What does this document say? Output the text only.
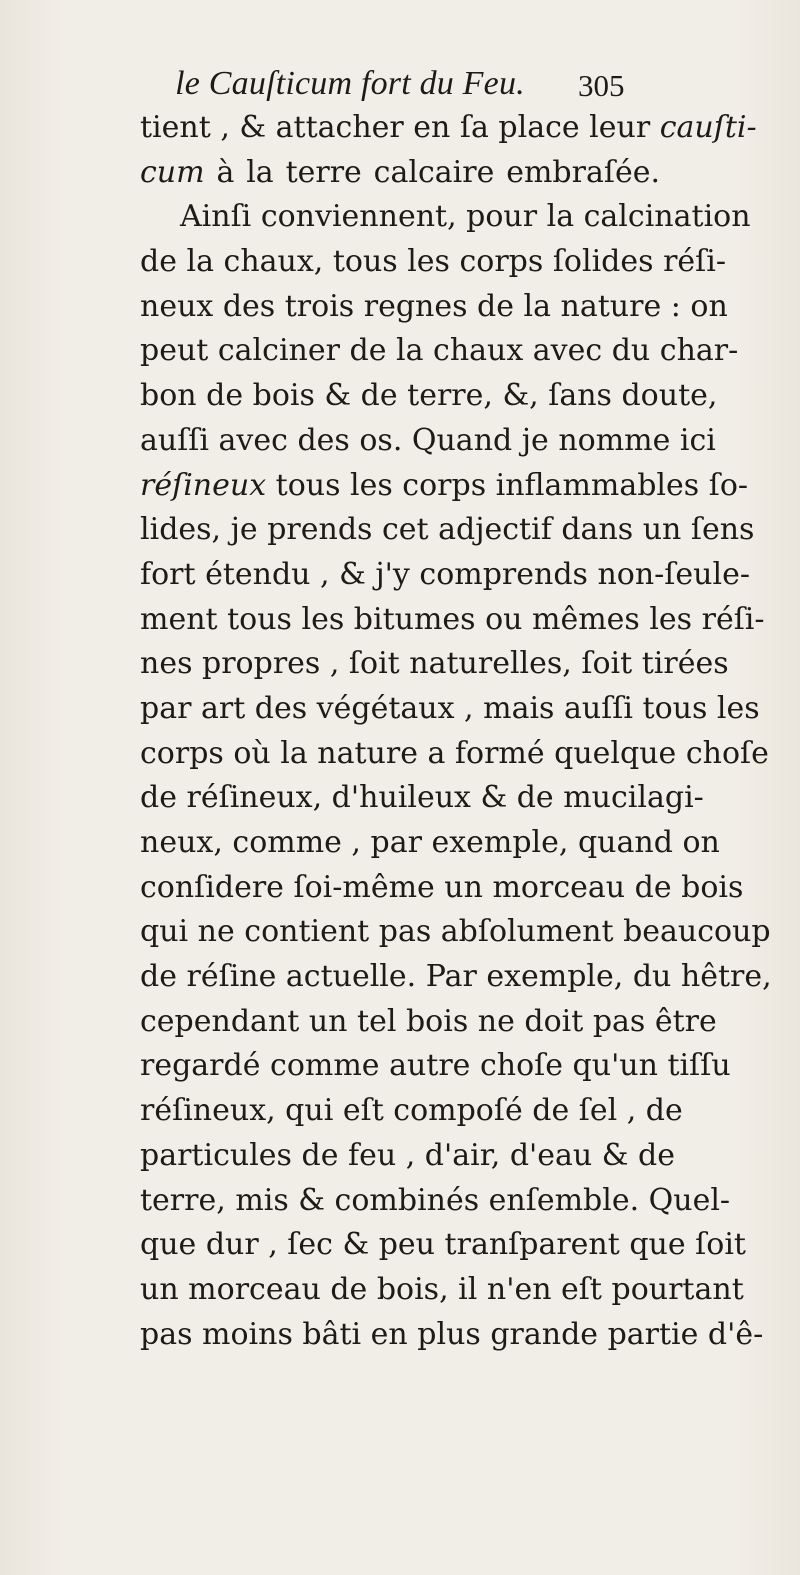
le Cauſticum fort du Feu.	305
tient , & attacher en ſa place leur cauſti-
cum à la terre calcaire embraſée.
Ainſi conviennent, pour la calcination
de la chaux, tous les corps ſolides réſi-
neux des trois regnes de la nature : on
peut calciner de la chaux avec du char-
bon de bois & de terre, &, ſans doute,
auſſi avec des os. Quand je nomme ici
réſineux tous les corps inflammables ſo-
lides, je prends cet adjectif dans un ſens
fort étendu , & j'y comprends non-ſeule-
ment tous les bitumes ou mêmes les réſi-
nes propres , ſoit naturelles, ſoit tirées
par art des végétaux , mais auſſi tous les
corps où la nature a formé quelque choſe
de réſineux, d'huileux & de mucilagi-
neux, comme , par exemple, quand on
conſidere ſoi-même un morceau de bois
qui ne contient pas abſolument beaucoup
de réſine actuelle. Par exemple, du hêtre,
cependant un tel bois ne doit pas être
regardé comme autre choſe qu'un tiſſu
réſineux, qui eſt compoſé de ſel , de
particules de feu , d'air, d'eau & de
terre, mis & combinés enſemble. Quel-
que dur , ſec & peu tranſparent que ſoit
un morceau de bois, il n'en eſt pourtant
pas moins bâti en plus grande partie d'ê-
